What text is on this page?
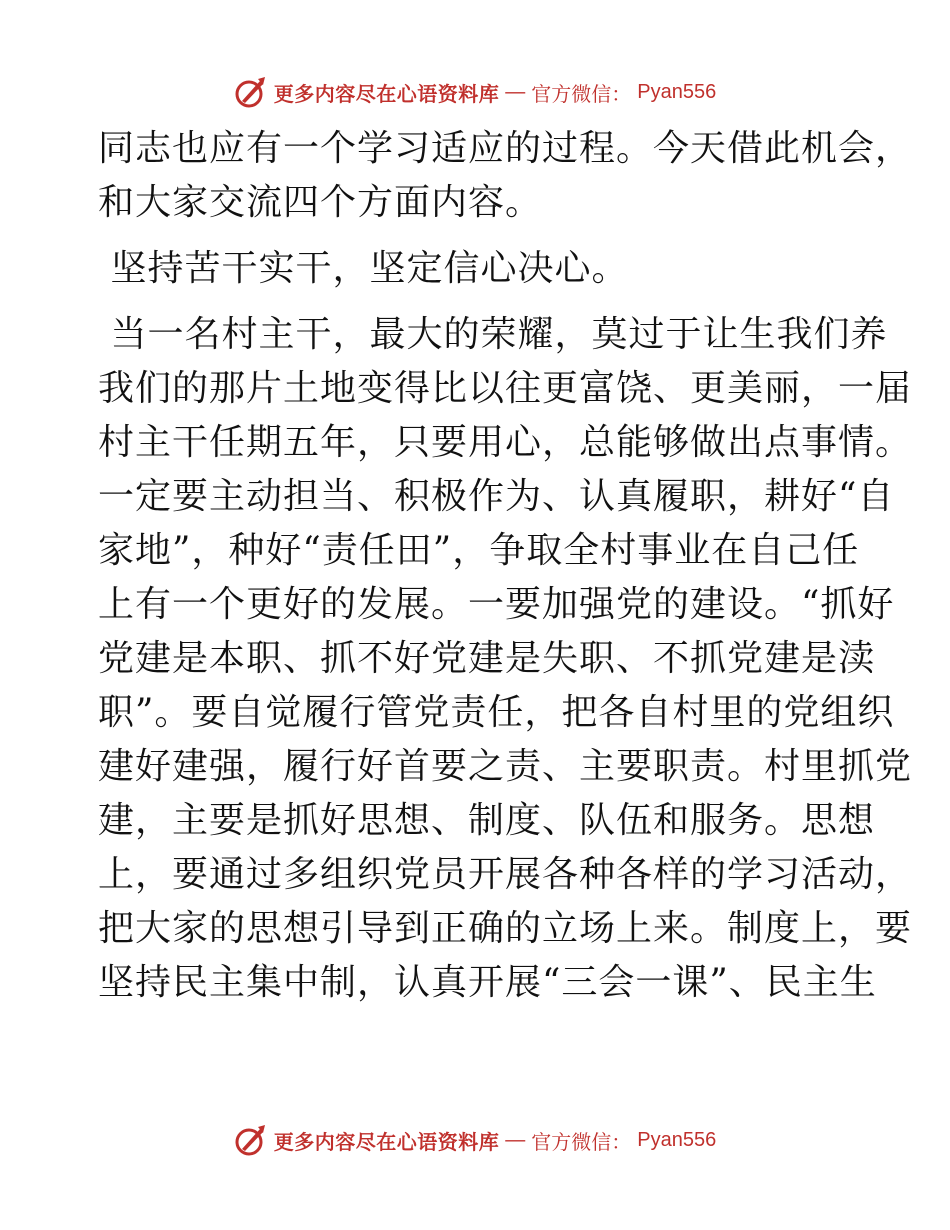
更多内容尽在心语资料库 — 官方微信： Pyan556
同志也应有一个学习适应的过程。今天借此机会，
和大家交流四个方面内容。
坚持苦干实干，坚定信心决心。
当一名村主干，最大的荣耀，莫过于让生我们养
我们的那片土地变得比以往更富饶、更美丽，一届
村主干任期五年，只要用心，总能够做出点事情。
一定要主动担当、积极作为、认真履职，耕好“自
家地”，种好“责任田”，争取全村事业在自己任
上有一个更好的发展。一要加强党的建设。“抓好
党建是本职、抓不好党建是失职、不抓党建是渎
职”。要自觉履行管党责任，把各自村里的党组织
建好建强，履行好首要之责、主要职责。村里抓党
建，主要是抓好思想、制度、队伍和服务。思想
上，要通过多组织党员开展各种各样的学习活动，
把大家的思想引导到正确的立场上来。制度上，要
坚持民主集中制，认真开展“三会一课”、民主生
更多内容尽在心语资料库 — 官方微信： Pyan556
